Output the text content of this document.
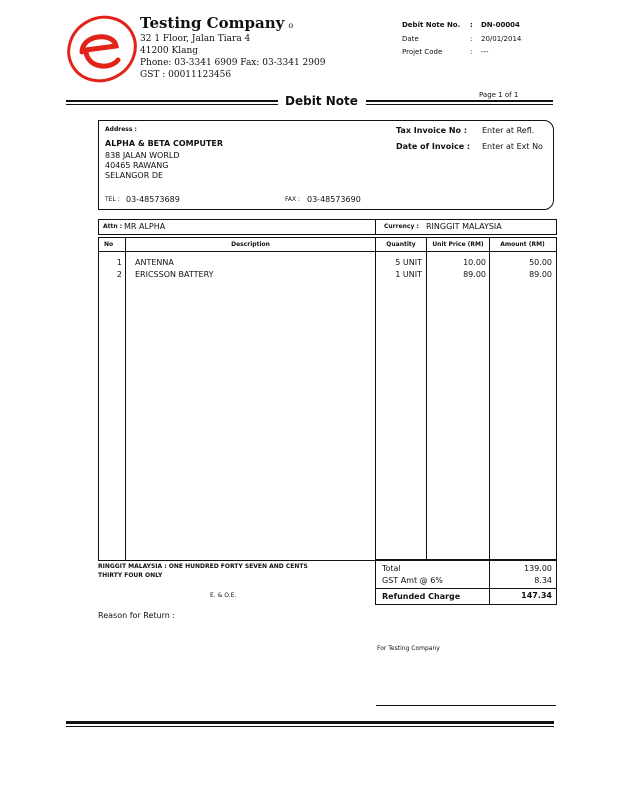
Testing Company o
32 1 Floor, Jalan Tiara 4
41200 Klang
Phone: 03-3341 6909 Fax: 03-3341 2909
GST : 00011123456
Debit Note No. : DN-00004
Date	: 20/01/2014
Projet Code	: ---
Page 1 of 1
Debit Note
Address :
ALPHA & BETA COMPUTER
838 JALAN WORLD
40465 RAWANG
SELANGOR DE
TEL : 03-48573689	FAX : 03-48573690
Tax Invoice No : Enter at Refl.
Date of Invoice : Enter at Ext No
Attn : MR ALPHA	Currency : RINGGIT MALAYSIA
No	Description	Quantity	Unit Price (RM)	Amount (RM)
1 ANTENNA	5 UNIT	10.00	50.00
2 ERICSSON BATTERY	1 UNIT	89.00	89.00
RINGGIT MALAYSIA : ONE HUNDRED FORTY SEVEN AND CENTS
THIRTY FOUR ONLY
E. & O.E.
Total	139.00
GST Amt @ 6%	8.34
Refunded Charge	147.34
Reason for Return :
For Testing Company
